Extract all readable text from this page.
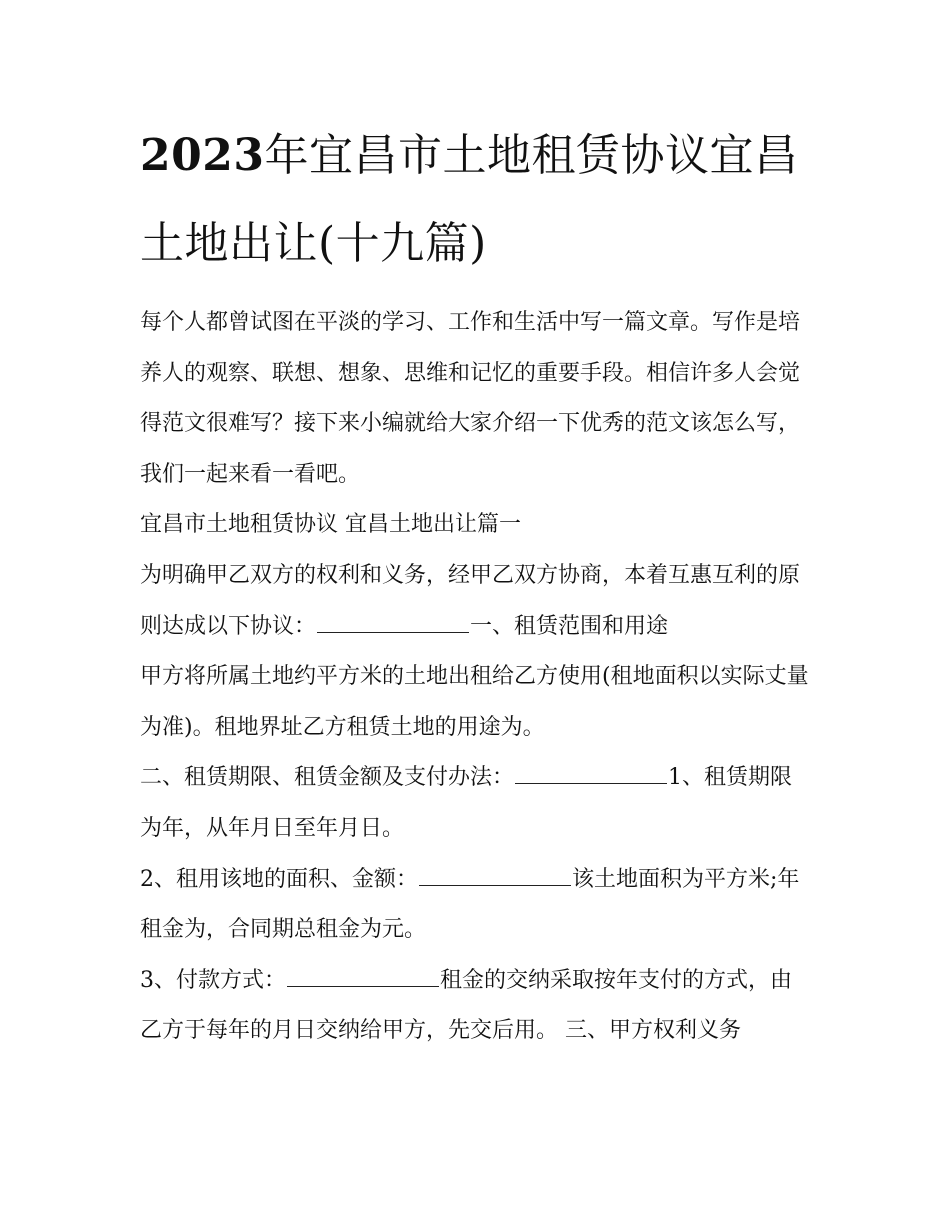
2023年宜昌市土地租赁协议宜昌土地出让(十九篇)

每个人都曾试图在平淡的学习、工作和生活中写一篇文章。写作是培养人的观察、联想、想象、思维和记忆的重要手段。相信许多人会觉得范文很难写？接下来小编就给大家介绍一下优秀的范文该怎么写，我们一起来看一看吧。

宜昌市土地租赁协议 宜昌土地出让篇一

为明确甲乙双方的权利和义务，经甲乙双方协商，本着互惠互利的原则达成以下协议：	一、租赁范围和用途

甲方将所属土地约平方米的土地出租给乙方使用(租地面积以实际丈量为准)。租地界址乙方租赁土地的用途为。

二、租赁期限、租赁金额及支付办法：	1、租赁期限为年，从年月日至年月日。

2、租用该地的面积、金额：	该土地面积为平方米;年租金为，合同期总租金为元。

3、付款方式：	租金的交纳采取按年支付的方式，由乙方于每年的月日交纳给甲方，先交后用。 三、甲方权利义务
